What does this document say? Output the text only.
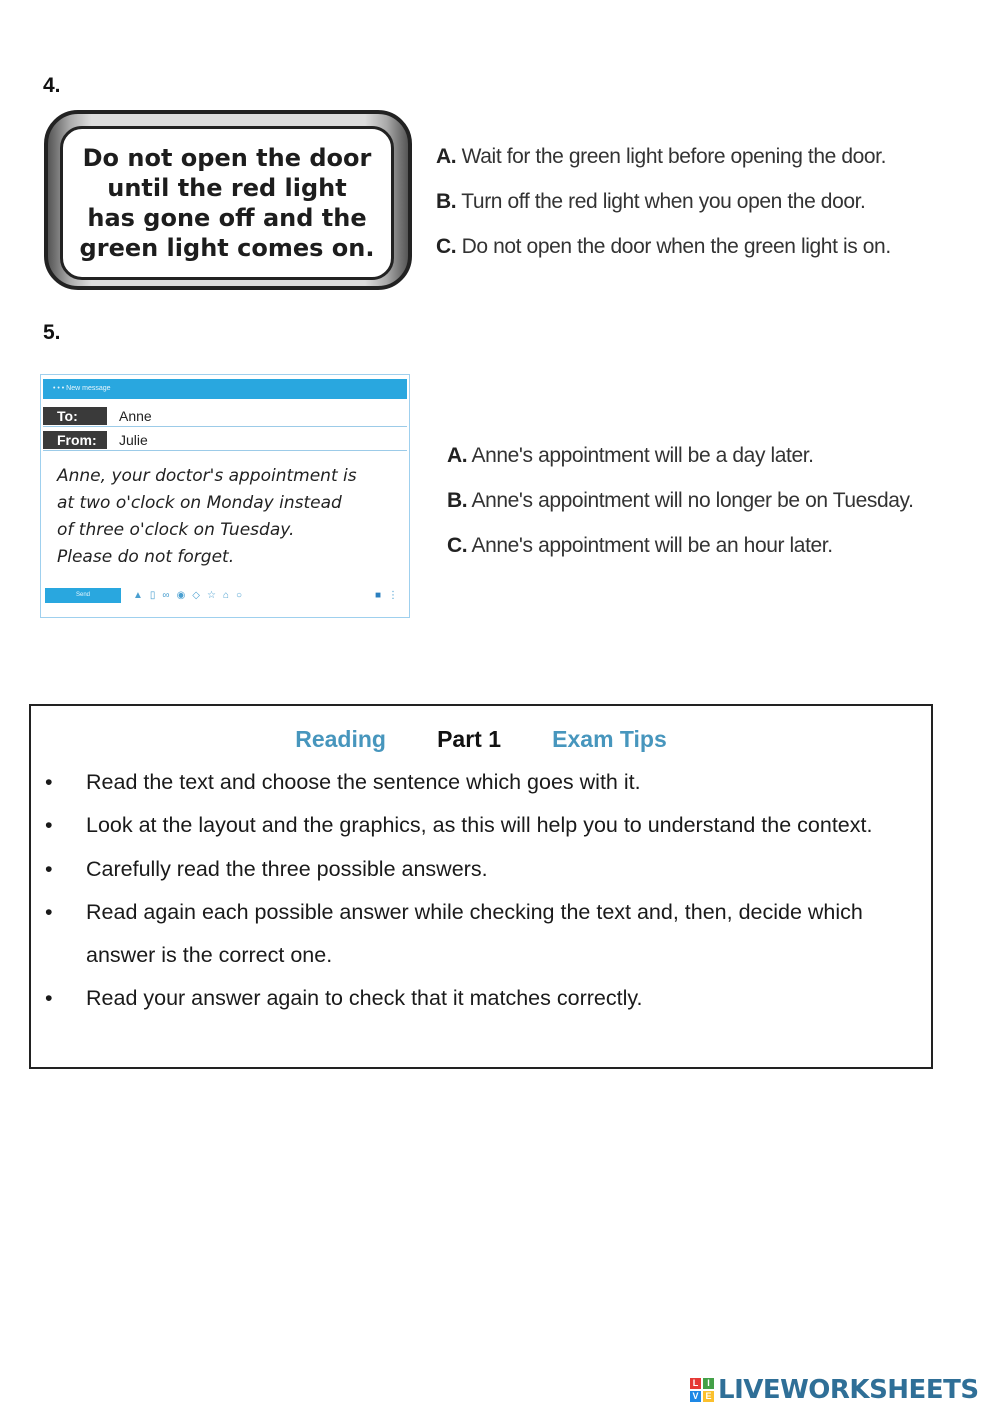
4.
Do not open the door
until the red light
has gone off and the
green light comes on.
A. Wait for the green light before opening the door.
B. Turn off the red light when you open the door.
C. Do not open the door when the green light is on.
5.
• • • New message
To:	Anne
From:	Julie
Anne, your doctor's appointment is
at two o'clock on Monday instead
of three o'clock on Tuesday.
Please do not forget.
Send	▲ ▯ ∞ ◉ ◇ ☆ ⌂ ○	■ ⋮
A. Anne's appointment will be a day later.
B. Anne's appointment will no longer be on Tuesday.
C. Anne's appointment will be an hour later.
Reading Part 1 Exam Tips
• Read the text and choose the sentence which goes with it.
• Look at the layout and the graphics, as this will help you to understand the context.
• Carefully read the three possible answers.
• Read again each possible answer while checking the text and, then, decide which answer is the correct one.
• Read your answer again to check that it matches correctly.
L I
V E LIVEWORKSHEETS
